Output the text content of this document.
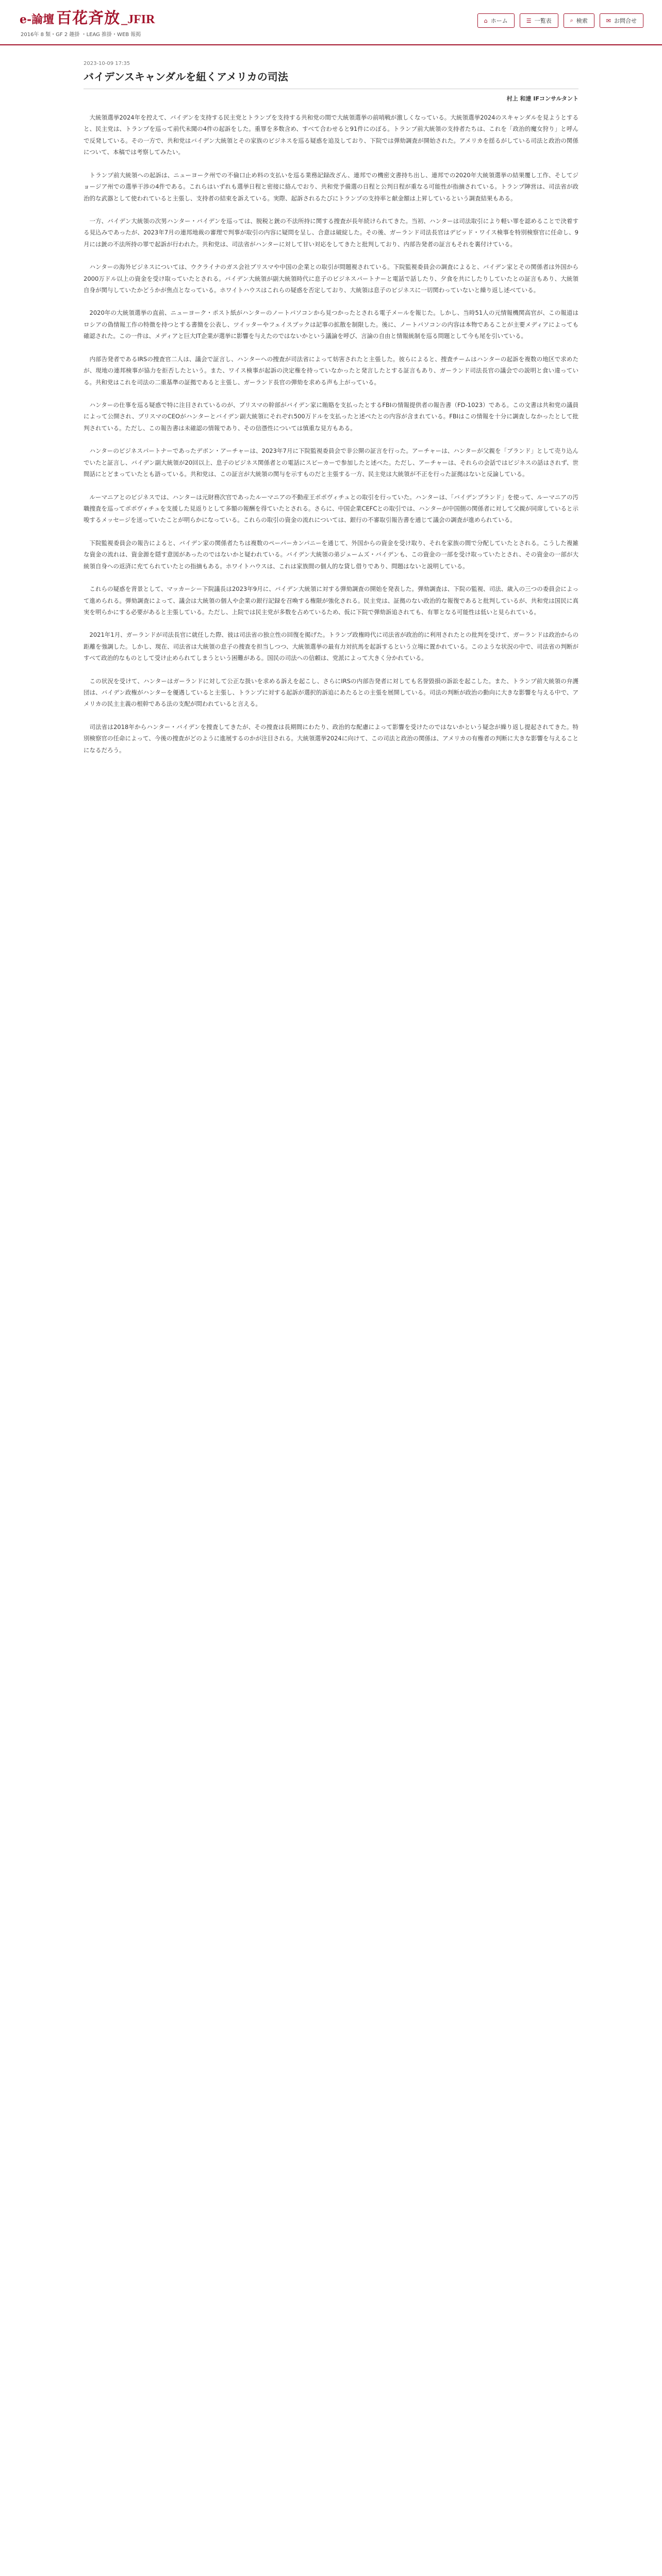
e-論壇 百花斉放 _JFIR
2016年 8 類・GF 2 趣掛 ・LEAG 推掛・WEB 報掲
⌂ ホーム	☰ 一覧表	⌕ 検索	✉ お問合せ
2023-10-09 17:35
バイデンスキャンダルを紐くアメリカの司法
村上 和達 IFコンサルタント

大統領選挙2024年を控えて、バイデンを支持する民主党とトランプを支持する共和党の間で大統領選挙の前哨戦が激しくなっている。大統領選挙2024のスキャンダルを見ようとすると、民主党は、トランプを巡って前代未聞の4件の起訴をした。重罪を多数含め、すべて合わせると91件にのぼる。トランプ前大統領の支持者たちは、これを「政治的魔女狩り」と呼んで反発している。その一方で、共和党はバイデン大統領とその家族のビジネスを巡る疑惑を追及しており、下院では弾劾調査が開始された。アメリカを揺るがしている司法と政治の関係について、本稿では考察してみたい。

トランプ前大統領への起訴は、ニューヨーク州での不倫口止め料の支払いを巡る業務記録改ざん、連邦での機密文書持ち出し、連邦での2020年大統領選挙の結果覆し工作、そしてジョージア州での選挙干渉の4件である。これらはいずれも選挙日程と密接に絡んでおり、共和党予備選の日程と公判日程が重なる可能性が指摘されている。トランプ陣営は、司法省が政治的な武器として使われていると主張し、支持者の結束を訴えている。実際、起訴されるたびにトランプの支持率と献金額は上昇しているという調査結果もある。

一方、バイデン大統領の次男ハンター・バイデンを巡っては、脱税と銃の不法所持に関する捜査が長年続けられてきた。当初、ハンターは司法取引により軽い罪を認めることで決着する見込みであったが、2023年7月の連邦地裁の審理で判事が取引の内容に疑問を呈し、合意は破綻した。その後、ガーランド司法長官はデビッド・ワイス検事を特別検察官に任命し、9月には銃の不法所持の罪で起訴が行われた。共和党は、司法省がハンターに対して甘い対応をしてきたと批判しており、内部告発者の証言もそれを裏付けている。

ハンターの海外ビジネスについては、ウクライナのガス会社ブリスマや中国の企業との取引が問題視されている。下院監視委員会の調査によると、バイデン家とその関係者は外国から2000万ドル以上の資金を受け取っていたとされる。バイデン大統領が副大統領時代に息子のビジネスパートナーと電話で話したり、夕食を共にしたりしていたとの証言もあり、大統領自身が関与していたかどうかが焦点となっている。ホワイトハウスはこれらの疑惑を否定しており、大統領は息子のビジネスに一切関わっていないと繰り返し述べている。

2020年の大統領選挙の直前、ニューヨーク・ポスト紙がハンターのノートパソコンから見つかったとされる電子メールを報じた。しかし、当時51人の元情報機関高官が、この報道はロシアの偽情報工作の特徴を持つとする書簡を公表し、ツイッターやフェイスブックは記事の拡散を制限した。後に、ノートパソコンの内容は本物であることが主要メディアによっても確認された。この一件は、メディアと巨大IT企業が選挙に影響を与えたのではないかという議論を呼び、言論の自由と情報統制を巡る問題として今も尾を引いている。

内部告発者であるIRSの捜査官二人は、議会で証言し、ハンターへの捜査が司法省によって妨害されたと主張した。彼らによると、捜査チームはハンターの起訴を複数の地区で求めたが、現地の連邦検事が協力を拒否したという。また、ワイス検事が起訴の決定権を持っていなかったと発言したとする証言もあり、ガーランド司法長官の議会での説明と食い違っている。共和党はこれを司法の二重基準の証拠であると主張し、ガーランド長官の弾劾を求める声も上がっている。

ハンターの仕事を巡る疑惑で特に注目されているのが、ブリスマの幹部がバイデン家に賄賂を支払ったとするFBIの情報提供者の報告書（FD-1023）である。この文書は共和党の議員によって公開され、ブリスマのCEOがハンターとバイデン副大統領にそれぞれ500万ドルを支払ったと述べたとの内容が含まれている。FBIはこの情報を十分に調査しなかったとして批判されている。ただし、この報告書は未確認の情報であり、その信憑性については慎重な見方もある。

ハンターのビジネスパートナーであったデボン・アーチャーは、2023年7月に下院監視委員会で非公開の証言を行った。アーチャーは、ハンターが父親を「ブランド」として売り込んでいたと証言し、バイデン副大統領が20回以上、息子のビジネス関係者との電話にスピーカーで参加したと述べた。ただし、アーチャーは、それらの会話ではビジネスの話はされず、世間話にとどまっていたとも語っている。共和党は、この証言が大統領の関与を示すものだと主張する一方、民主党は大統領が不正を行った証拠はないと反論している。

ルーマニアとのビジネスでは、ハンターは元財務次官であったルーマニアの不動産王ポポヴィチュとの取引を行っていた。ハンターは、「バイデンブランド」を使って、ルーマニアの汚職捜査を巡ってポポヴィチュを支援した見返りとして多額の報酬を得ていたとされる。さらに、中国企業CEFCとの取引では、ハンターが中国側の関係者に対して父親が同席していると示唆するメッセージを送っていたことが明らかになっている。これらの取引の資金の流れについては、銀行の不審取引報告書を通じて議会の調査が進められている。

下院監視委員会の報告によると、バイデン家の関係者たちは複数のペーパーカンパニーを通じて、外国からの資金を受け取り、それを家族の間で分配していたとされる。こうした複雑な資金の流れは、資金源を隠す意図があったのではないかと疑われている。バイデン大統領の弟ジェームズ・バイデンも、この資金の一部を受け取っていたとされ、その資金の一部が大統領自身への返済に充てられていたとの指摘もある。ホワイトハウスは、これは家族間の個人的な貸し借りであり、問題はないと説明している。

これらの疑惑を背景として、マッカーシー下院議長は2023年9月に、バイデン大統領に対する弾劾調査の開始を発表した。弾劾調査は、下院の監視、司法、歳入の三つの委員会によって進められる。弾劾調査によって、議会は大統領の個人や企業の銀行記録を召喚する権限が強化される。民主党は、証拠のない政治的な報復であると批判しているが、共和党は国民に真実を明らかにする必要があると主張している。ただし、上院では民主党が多数を占めているため、仮に下院で弾劾訴追されても、有罪となる可能性は低いと見られている。

2021年1月、ガーランドが司法長官に就任した際、彼は司法省の独立性の回復を掲げた。トランプ政権時代に司法省が政治的に利用されたとの批判を受けて、ガーランドは政治からの距離を強調した。しかし、現在、司法省は大統領の息子の捜査を担当しつつ、大統領選挙の最有力対抗馬を起訴するという立場に置かれている。このような状況の中で、司法省の判断がすべて政治的なものとして受け止められてしまうという困難がある。国民の司法への信頼は、党派によって大きく分かれている。

この状況を受けて、ハンターはガーランドに対して公正な扱いを求める訴えを起こし、さらにIRSの内部告発者に対しても名誉毀損の訴訟を起こした。また、トランプ前大統領の弁護団は、バイデン政権がハンターを優遇していると主張し、トランプに対する起訴が選択的訴追にあたるとの主張を展開している。司法の判断が政治の動向に大きな影響を与える中で、アメリカの民主主義の根幹である法の支配が問われていると言える。

司法省は2018年からハンター・バイデンを捜査してきたが、その捜査は長期間にわたり、政治的な配慮によって影響を受けたのではないかという疑念が繰り返し提起されてきた。特別検察官の任命によって、今後の捜査がどのように進展するのかが注目される。大統領選挙2024に向けて、この司法と政治の関係は、アメリカの有権者の判断に大きな影響を与えることになるだろう。
